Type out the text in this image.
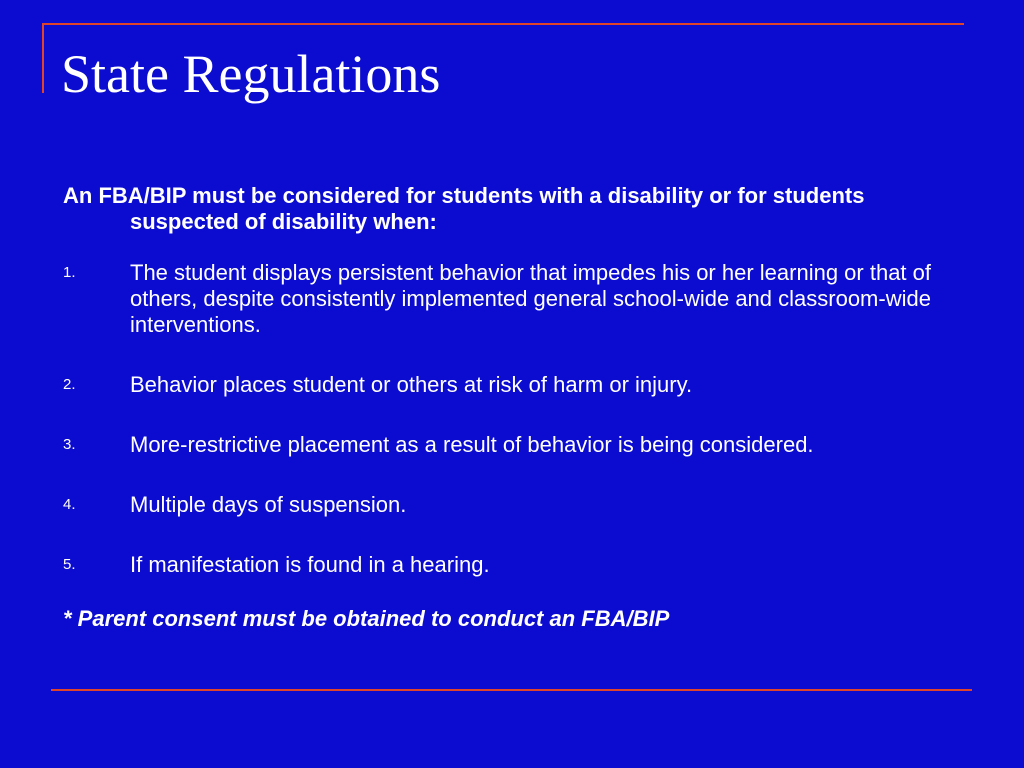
State Regulations

An FBA/BIP must be considered for students with a disability or for students suspected of disability when:

1. The student displays persistent behavior that impedes his or her learning or that of others, despite consistently implemented general school-wide and classroom-wide interventions.
2. Behavior places student or others at risk of harm or injury.
3. More-restrictive placement as a result of behavior is being considered.
4. Multiple days of suspension.
5. If manifestation is found in a hearing.

* Parent consent must be obtained to conduct an FBA/BIP
